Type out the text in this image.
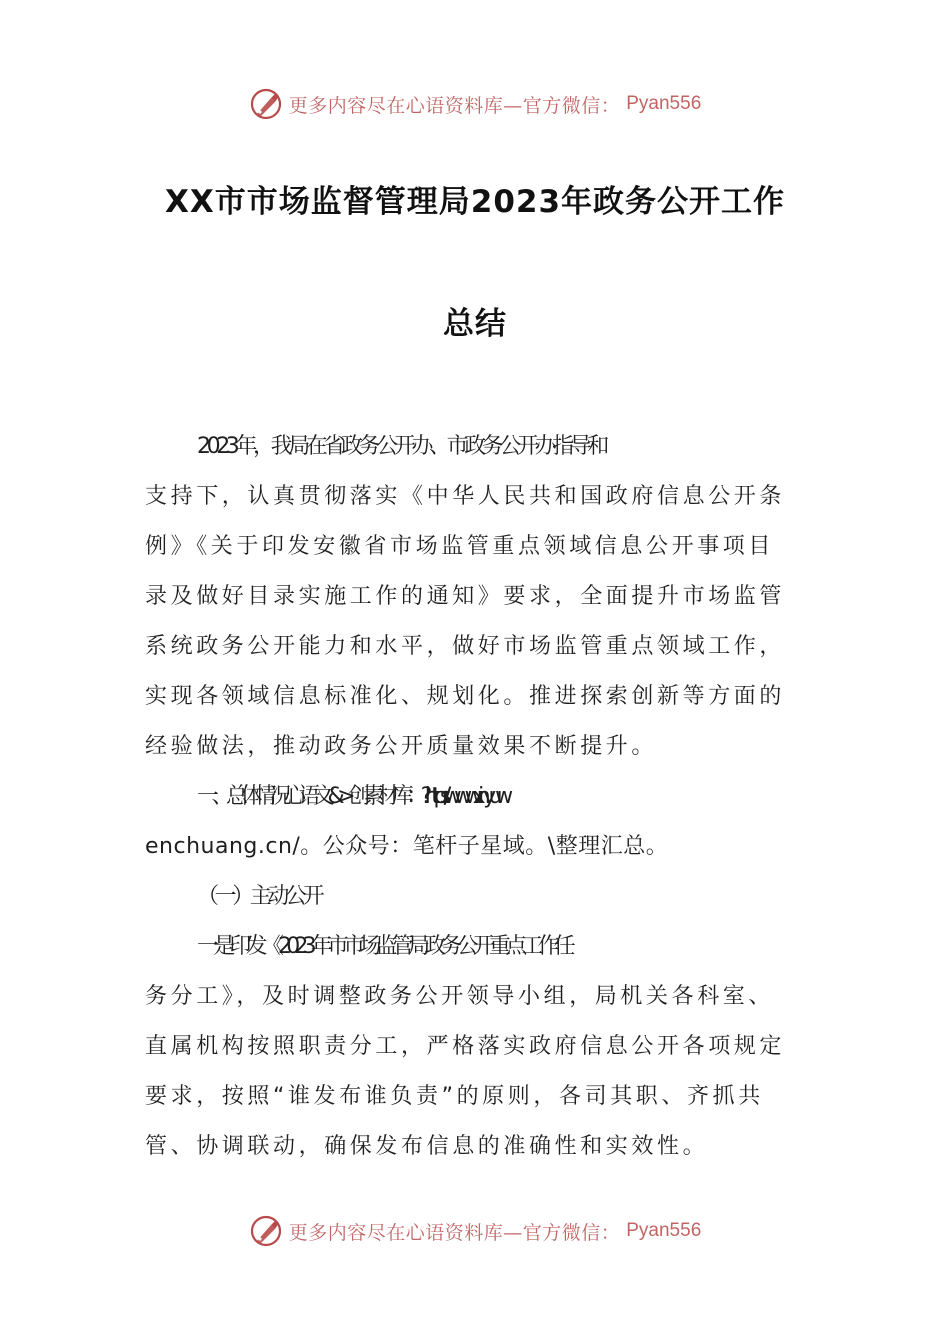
更多内容尽在心语资料库—官方微信： Pyan556
XX市市场监督管理局2023年政务公开工作
总结
2023年，我局在省政务公开办、市政务公开办指导和
支持下，认真贯彻落实《中华人民共和国政府信息公开条
例》《关于印发安徽省市场监管重点领域信息公开事项目
录及做好目录实施工作的通知》要求，全面提升市场监管
系统政务公开能力和水平，做好市场监管重点领域工作，
实现各领域信息标准化、规划化。推进探索创新等方面的
经验做法，推动政务公开质量效果不断提升。
一、总体情况心语文&>创素材库：?https://www.xinyuw
enchuang.cn/。公众号：笔杆子星域。\整理汇总。
（一）主动公开
一是印发《2023年市市场监管局政务公开重点工作任
务分工》，及时调整政务公开领导小组，局机关各科室、
直属机构按照职责分工，严格落实政府信息公开各项规定
要求，按照“谁发布谁负责”的原则，各司其职、齐抓共
管、协调联动，确保发布信息的准确性和实效性。
更多内容尽在心语资料库—官方微信： Pyan556
